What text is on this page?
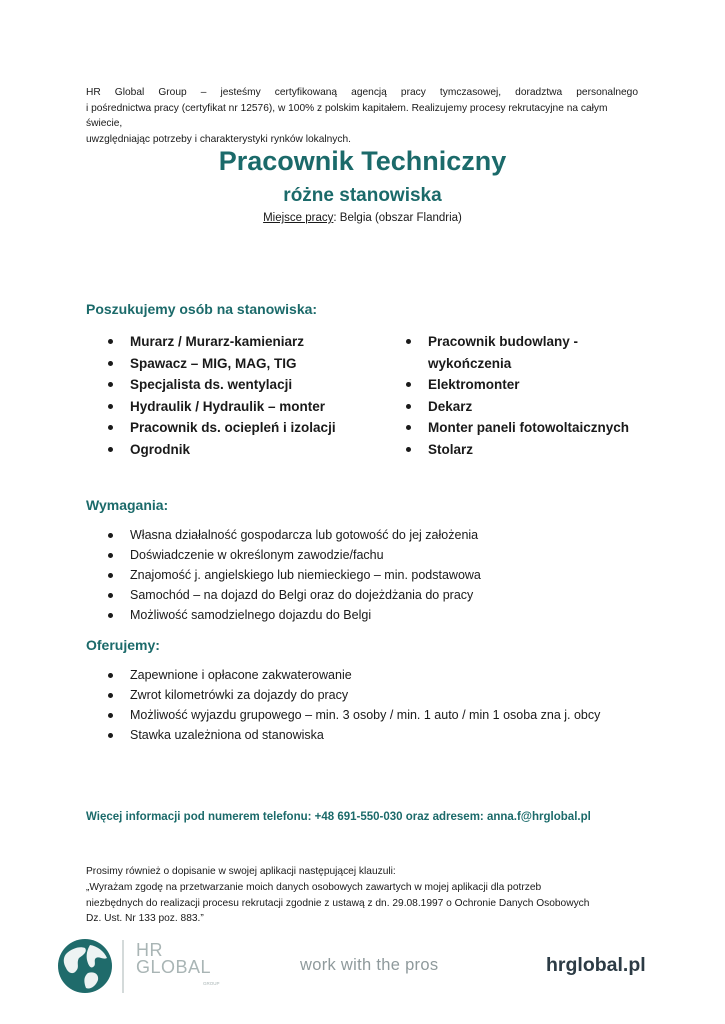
HR Global Group – jesteśmy certyfikowaną agencją pracy tymczasowej, doradztwa personalnego

i pośrednictwa pracy (certyfikat nr 12576), w 100% z polskim kapitałem. Realizujemy procesy rekrutacyjne na całym świecie,

uwzględniając potrzeby i charakterystyki rynków lokalnych.

Pracownik Techniczny
różne stanowiska
Miejsce pracy: Belgia (obszar Flandria)
Poszukujemy osób na stanowiska:
Murarz / Murarz-kamieniarz
Spawacz – MIG, MAG, TIG
Specjalista ds. wentylacji
Hydraulik / Hydraulik – monter
Pracownik ds. ociepleń i izolacji
Ogrodnik
Pracownik budowlany - wykończenia
Elektromonter
Dekarz
Monter paneli fotowoltaicznych
Stolarz
Wymagania:
Własna działalność gospodarcza lub gotowość do jej założenia
Doświadczenie w określonym zawodzie/fachu
Znajomość j. angielskiego lub niemieckiego – min. podstawowa
Samochód – na dojazd do Belgi oraz do dojeżdżania do pracy
Możliwość samodzielnego dojazdu do Belgi
Oferujemy:
Zapewnione i opłacone zakwaterowanie
Zwrot kilometrówki za dojazdy do pracy
Możliwość wyjazdu grupowego – min. 3 osoby / min. 1 auto / min 1 osoba zna j. obcy
Stawka uzależniona od stanowiska
Więcej informacji pod numerem telefonu: +48 691-550-030 oraz adresem: anna.f@hrglobal.pl

Prosimy również o dopisanie w swojej aplikacji następującej klauzuli:

„Wyrażam zgodę na przetwarzanie moich danych osobowych zawartych w mojej aplikacji dla potrzeb

niezbędnych do realizacji procesu rekrutacji zgodnie z ustawą z dn. 29.08.1997 o Ochronie Danych Osobowych

Dz. Ust. Nr 133 poz. 883.”

HR
GLOBAL
GROUP
work with the pros	hrglobal.pl
